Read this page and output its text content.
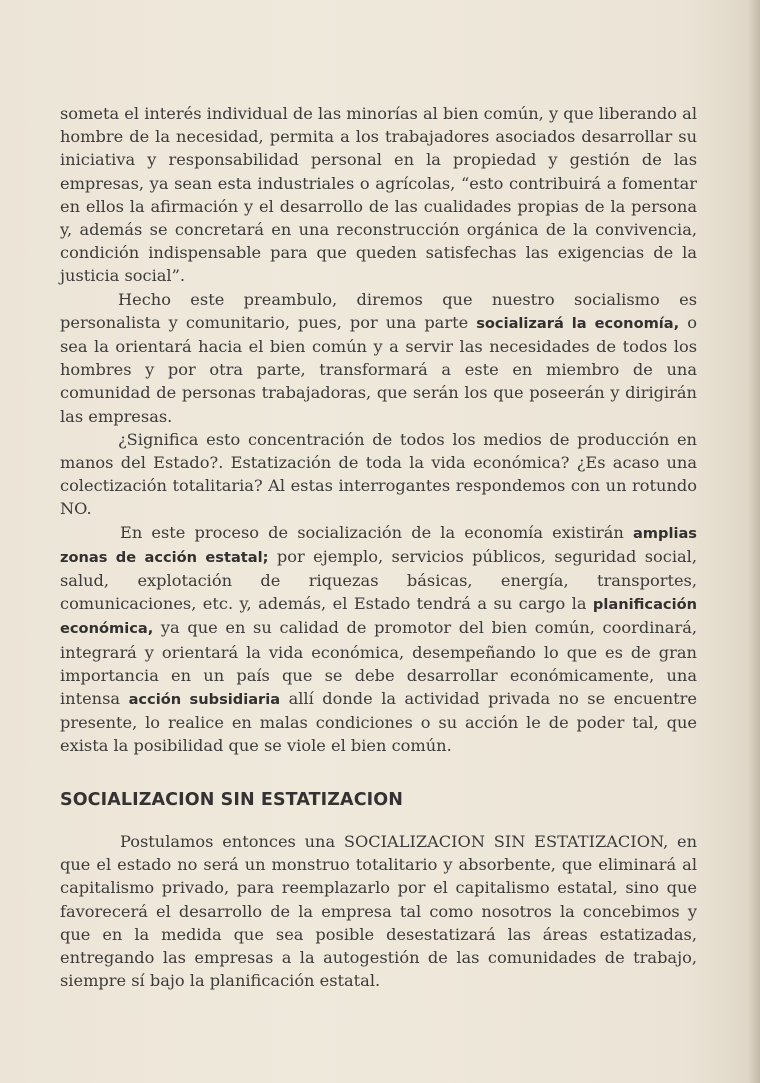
someta el interés individual de las minorías al bien común, y que liberando al hombre de la necesidad, permita a los trabajadores asociados desarrollar su iniciativa y responsabilidad personal en la propiedad y gestión de las empresas, ya sean esta industriales o agrícolas, “esto contribuirá a fomentar en ellos la afirmación y el desarrollo de las cualidades propias de la persona y, además se concretará en una reconstrucción orgánica de la convivencia, condición indispensable para que queden satisfechas las exigencias de la justicia social”.

Hecho este preambulo, diremos que nuestro socialismo es personalista y comunitario, pues, por una parte socializará la economía, o sea la orientará hacia el bien común y a servir las necesidades de todos los hombres y por otra parte, transformará a este en miembro de una comunidad de personas trabajadoras, que serán los que poseerán y dirigirán las empresas.

¿Significa esto concentración de todos los medios de producción en manos del Estado?. Estatización de toda la vida económica? ¿Es acaso una colectización totalitaria? Al estas interrogantes respondemos con un rotundo NO.

En este proceso de socialización de la economía existirán amplias zonas de acción estatal; por ejemplo, servicios públicos, seguridad social, salud, explotación de riquezas básicas, energía, transportes, comunicaciones, etc. y, además, el Estado tendrá a su cargo la planificación económica, ya que en su calidad de promotor del bien común, coordinará, integrará y orientará la vida económica, desempeñando lo que es de gran importancia en un país que se debe desarrollar económicamente, una intensa acción subsidiaria allí donde la actividad privada no se encuentre presente, lo realice en malas condiciones o su acción le de poder tal, que exista la posibilidad que se viole el bien común.

SOCIALIZACION SIN ESTATIZACION

Postulamos entonces una SOCIALIZACION SIN ESTATIZACION, en que el estado no será un monstruo totalitario y absorbente, que eliminará al capitalismo privado, para reemplazarlo por el capitalismo estatal, sino que favorecerá el desarrollo de la empresa tal como nosotros la concebimos y que en la medida que sea posible desestatizará las áreas estatizadas, entregando las empresas a la autogestión de las comunidades de trabajo, siempre sí bajo la planificación estatal.
